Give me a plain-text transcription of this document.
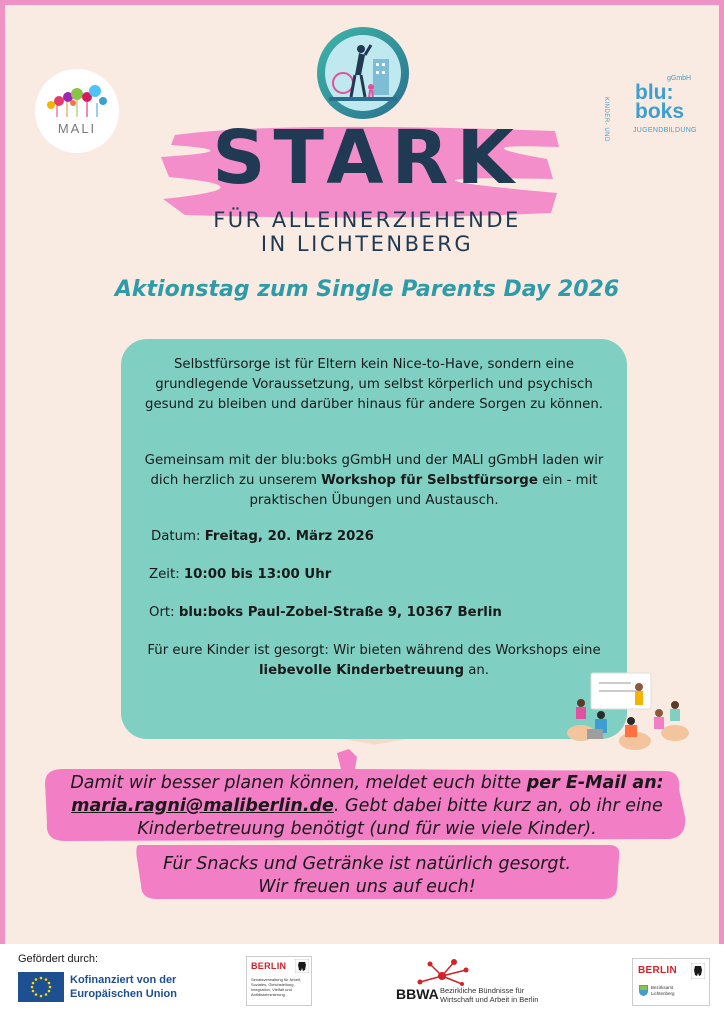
MALI
gGmbH
blu:
boks
KINDER- UND	JUGENDBILDUNG
STARK
FÜR ALLEINERZIEHENDE
IN LICHTENBERG
Aktionstag zum Single Parents Day 2026
Selbstfürsorge ist für Eltern kein Nice-to-Have, sondern eine grundlegende Voraussetzung, um selbst körperlich und psychisch gesund zu bleiben und darüber hinaus für andere Sorgen zu können.
Gemeinsam mit der blu:boks gGmbH und der MALI gGmbH laden wir dich herzlich zu unserem Workshop für Selbstfürsorge ein - mit praktischen Übungen und Austausch.
Datum: Freitag, 20. März 2026
Zeit: 10:00 bis 13:00 Uhr
Ort: blu:boks Paul-Zobel-Straße 9, 10367 Berlin
Für eure Kinder ist gesorgt: Wir bieten während des Workshops eine liebevolle Kinderbetreuung an.
Damit wir besser planen können, meldet euch bitte per E-Mail an:
maria.ragni@maliberlin.de. Gebt dabei bitte kurz an, ob ihr eine Kinderbetreuung benötigt (und für wie viele Kinder).
Für Snacks und Getränke ist natürlich gesorgt.
Wir freuen uns auf euch!
Gefördert durch:
Kofinanziert von der
Europäischen Union
BERLIN
Senatsverwaltung für Arbeit, Soziales, Gleichstellung, Integration, Vielfalt und Antidiskriminierung	BBWA Bezirkliche Bündnisse für
Wirtschaft und Arbeit in Berlin
BERLIN
Bezirksamt
Lichtenberg
